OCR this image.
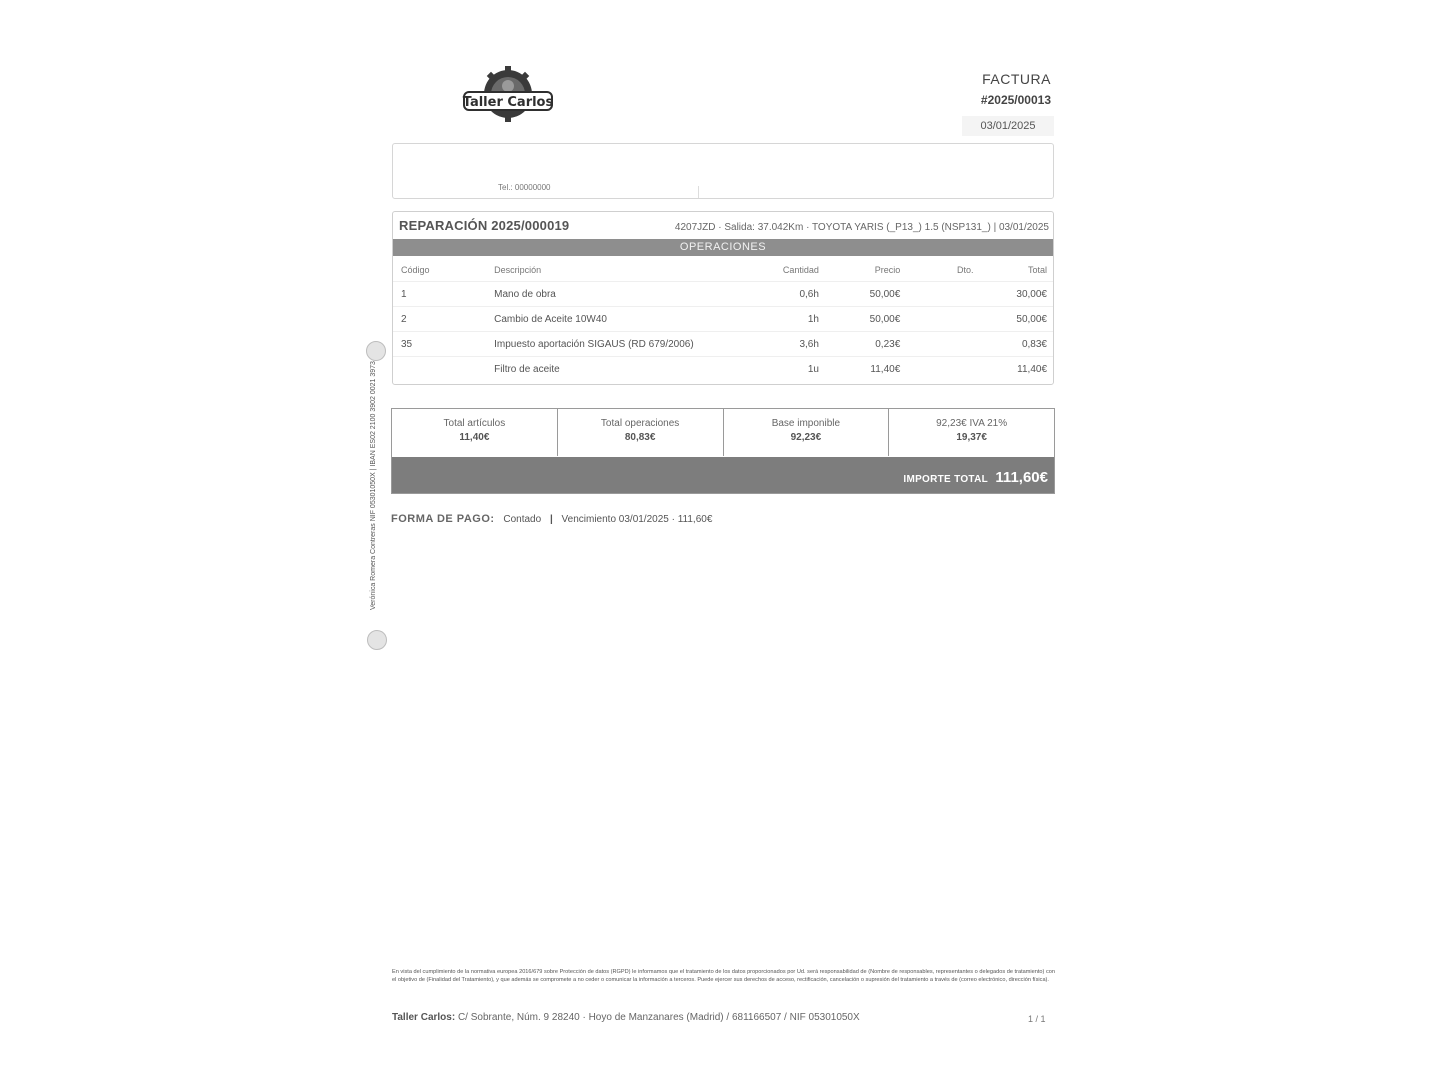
Taller Carlos
FACTURA
#2025/00013
03/01/2025
Tel.: 00000000
REPARACIÓN 2025/000019	4207JZD · Salida: 37.042Km · TOYOTA YARIS (_P13_) 1.5 (NSP131_) | 03/01/2025
OPERACIONES
Código	Descripción	Cantidad	Precio	Dto.	Total
1	Mano de obra	0,6h	50,00€		30,00€
2	Cambio de Aceite 10W40	1h	50,00€		50,00€
35	Impuesto aportación SIGAUS (RD 679/2006)	3,6h	0,23€		0,83€
	Filtro de aceite	1u	11,40€		11,40€
Total artículos
11,40€
Total operaciones
80,83€
Base imponible
92,23€
92,23€ IVA 21%
19,37€
IMPORTE TOTAL 111,60€
FORMA DE PAGO: Contado | Vencimiento 03/01/2025 · 111,60€
Verónica Romera Contreras NIF 05301050X | IBAN ES02 2100 3902 0021 3973
En vista del cumplimiento de la normativa europea 2016/679 sobre Protección de datos (RGPD) le informamos que el tratamiento de los datos proporcionados por Ud. será responsabilidad de (Nombre de responsables, representantes o delegados de tratamiento) con el objetivo de (Finalidad del Tratamiento), y que además se compromete a no ceder o comunicar la información a terceros. Puede ejercer sus derechos de acceso, rectificación, cancelación o supresión del tratamiento a través de (correo electrónico, dirección física).
Taller Carlos: C/ Sobrante, Núm. 9 28240 · Hoyo de Manzanares (Madrid) / 681166507 / NIF 05301050X	1 / 1
